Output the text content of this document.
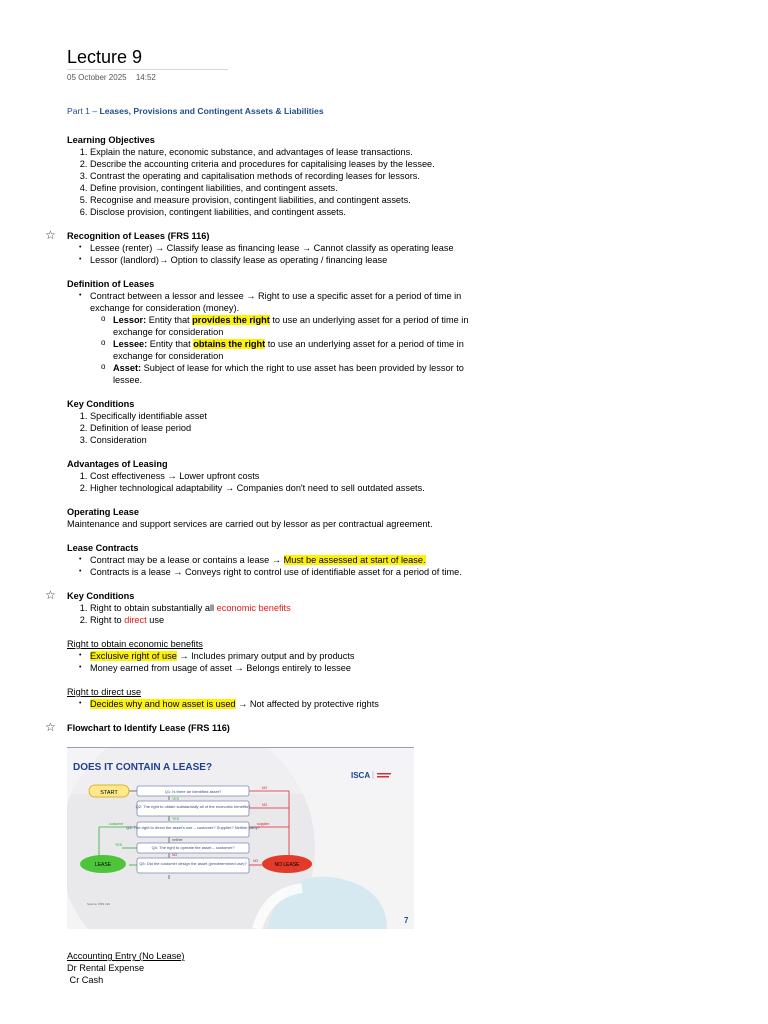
Lecture 9
05 October 2025 14:52
Part 1 – Leases, Provisions and Contingent Assets & Liabilities
Learning Objectives
1. Explain the nature, economic substance, and advantages of lease transactions.
2. Describe the accounting criteria and procedures for capitalising leases by the lessee.
3. Contrast the operating and capitalisation methods of recording leases for lessors.
4. Define provision, contingent liabilities, and contingent assets.
5. Recognise and measure provision, contingent liabilities, and contingent assets.
6. Disclose provision, contingent liabilities, and contingent assets.
☆ Recognition of Leases (FRS 116)
• Lessee (renter) → Classify lease as financing lease → Cannot classify as operating lease
• Lessor (landlord)→ Option to classify lease as operating / financing lease
Definition of Leases
• Contract between a lessor and lessee → Right to use a specific asset for a period of time in exchange for consideration (money).
o Lessor: Entity that provides the right to use an underlying asset for a period of time in exchange for consideration
o Lessee: Entity that obtains the right to use an underlying asset for a period of time in exchange for consideration
o Asset: Subject of lease for which the right to use asset has been provided by lessor to lessee.
Key Conditions
1. Specifically identifiable asset
2. Definition of lease period
3. Consideration
Advantages of Leasing
1. Cost effectiveness → Lower upfront costs
2. Higher technological adaptability → Companies don't need to sell outdated assets.
Operating Lease
Maintenance and support services are carried out by lessor as per contractual agreement.
Lease Contracts
• Contract may be a lease or contains a lease → Must be assessed at start of lease.
• Contracts is a lease → Conveys right to control use of identifiable asset for a period of time.
☆ Key Conditions
1. Right to obtain substantially all economic benefits
2. Right to direct use
Right to obtain economic benefits
• Exclusive right of use → Includes primary output and by products
• Money earned from usage of asset → Belongs entirely to lessee
Right to direct use
• Decides why and how asset is used → Not affected by protective rights
☆ Flowchart to Identify Lease (FRS 116)
DOES IT CONTAIN A LEASE?
ISCA
START	Q1: Is there an identified asset?
Q2: The right to obtain substantially all of the economic benefits?
Q3: The right to direct the asset's use – customer? Supplier? Neither party?
Q4: The right to operate the asset – customer?
Q5: Did the customer design the asset (predetermined use)?
LEASE	NO LEASE
YES
YES
YES
NO
NO
NO
NO
customer	supplier
neither
Source: FRS 116
7
Accounting Entry (No Lease)
Dr Rental Expense
Cr Cash
